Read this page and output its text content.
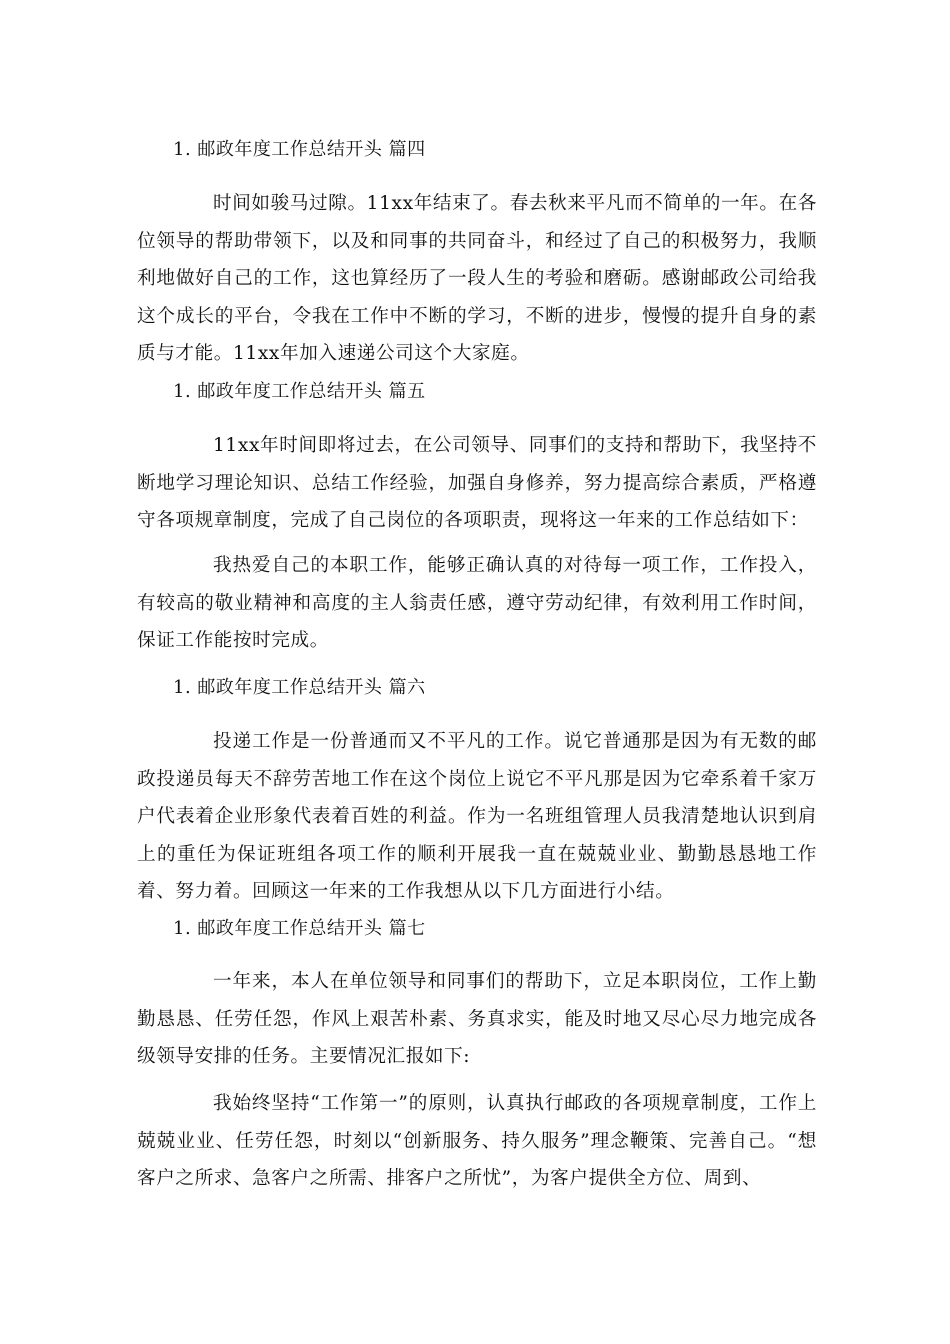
1. 邮政年度工作总结开头 篇四

时间如骏马过隙。11xx年结束了。春去秋来平凡而不简单的一年。在各位领导的帮助带领下，以及和同事的共同奋斗，和经过了自己的积极努力，我顺利地做好自己的工作，这也算经历了一段人生的考验和磨砺。感谢邮政公司给我这个成长的平台，令我在工作中不断的学习，不断的进步，慢慢的提升自身的素质与才能。11xx年加入速递公司这个大家庭。

1. 邮政年度工作总结开头 篇五

11xx年时间即将过去，在公司领导、同事们的支持和帮助下，我坚持不断地学习理论知识、总结工作经验，加强自身修养，努力提高综合素质，严格遵守各项规章制度，完成了自己岗位的各项职责，现将这一年来的工作总结如下：

我热爱自己的本职工作，能够正确认真的对待每一项工作，工作投入，有较高的敬业精神和高度的主人翁责任感，遵守劳动纪律，有效利用工作时间，保证工作能按时完成。

1. 邮政年度工作总结开头 篇六

投递工作是一份普通而又不平凡的工作。说它普通那是因为有无数的邮政投递员每天不辞劳苦地工作在这个岗位上说它不平凡那是因为它牵系着千家万户代表着企业形象代表着百姓的利益。作为一名班组管理人员我清楚地认识到肩上的重任为保证班组各项工作的顺利开展我一直在兢兢业业、勤勤恳恳地工作着、努力着。回顾这一年来的工作我想从以下几方面进行小结。

1. 邮政年度工作总结开头 篇七

一年来，本人在单位领导和同事们的帮助下，立足本职岗位，工作上勤勤恳恳、任劳任怨，作风上艰苦朴素、务真求实，能及时地又尽心尽力地完成各级领导安排的任务。主要情况汇报如下:

我始终坚持“工作第一”的原则，认真执行邮政的各项规章制度，工作上兢兢业业、任劳任怨，时刻以“创新服务、持久服务”理念鞭策、完善自己。“想客户之所求、急客户之所需、排客户之所忧”，为客户提供全方位、周到、
